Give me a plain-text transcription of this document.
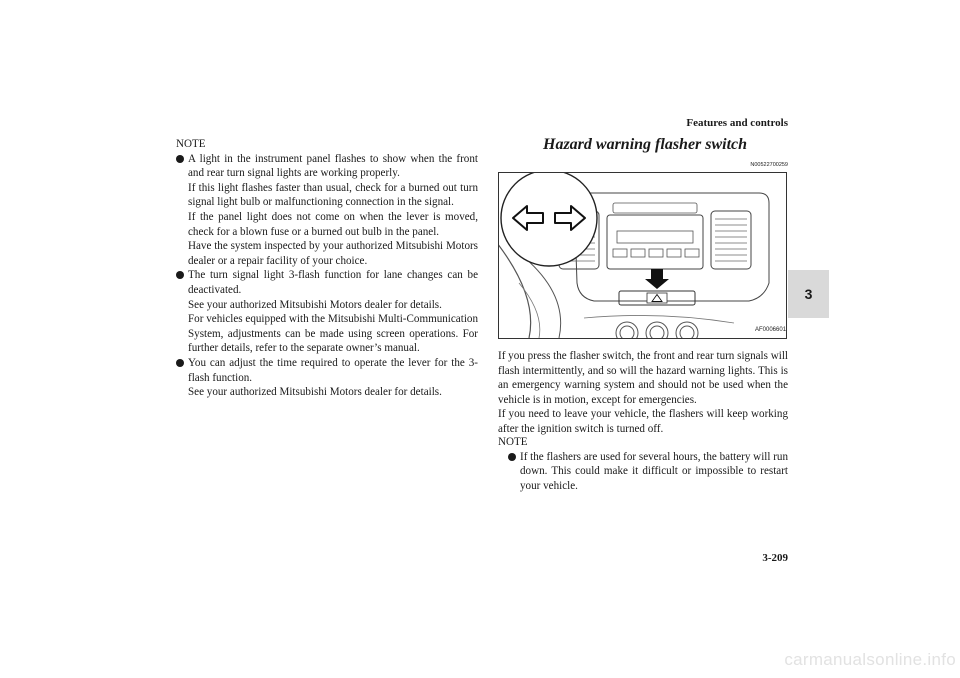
Features and controls
3

NOTE

A light in the instrument panel flashes to show when the front and rear turn signal lights are working properly.

If this light flashes faster than usual, check for a burned out turn signal light bulb or malfunctioning connection in the signal.

If the panel light does not come on when the lever is moved, check for a blown fuse or a burned out bulb in the panel.

Have the system inspected by your authorized Mitsubishi Motors dealer or a repair facility of your choice.

The turn signal light 3-flash function for lane changes can be deactivated.

See your authorized Mitsubishi Motors dealer for details.

For vehicles equipped with the Mitsubishi Multi-Communication System, adjustments can be made using screen operations. For further details, refer to the separate owner’s manual.

You can adjust the time required to operate the lever for the 3-flash function.

See your authorized Mitsubishi Motors dealer for details.

Hazard warning flasher switch
N00522700259
AF0006601

If you press the flasher switch, the front and rear turn signals will flash intermittently, and so will the hazard warning lights. This is an emergency warning system and should not be used when the vehicle is in motion, except for emergencies.

If you need to leave your vehicle, the flashers will keep working after the ignition switch is turned off.

NOTE

If the flashers are used for several hours, the battery will run down. This could make it difficult or impossible to restart your vehicle.

3-209
carmanualsonline.info
